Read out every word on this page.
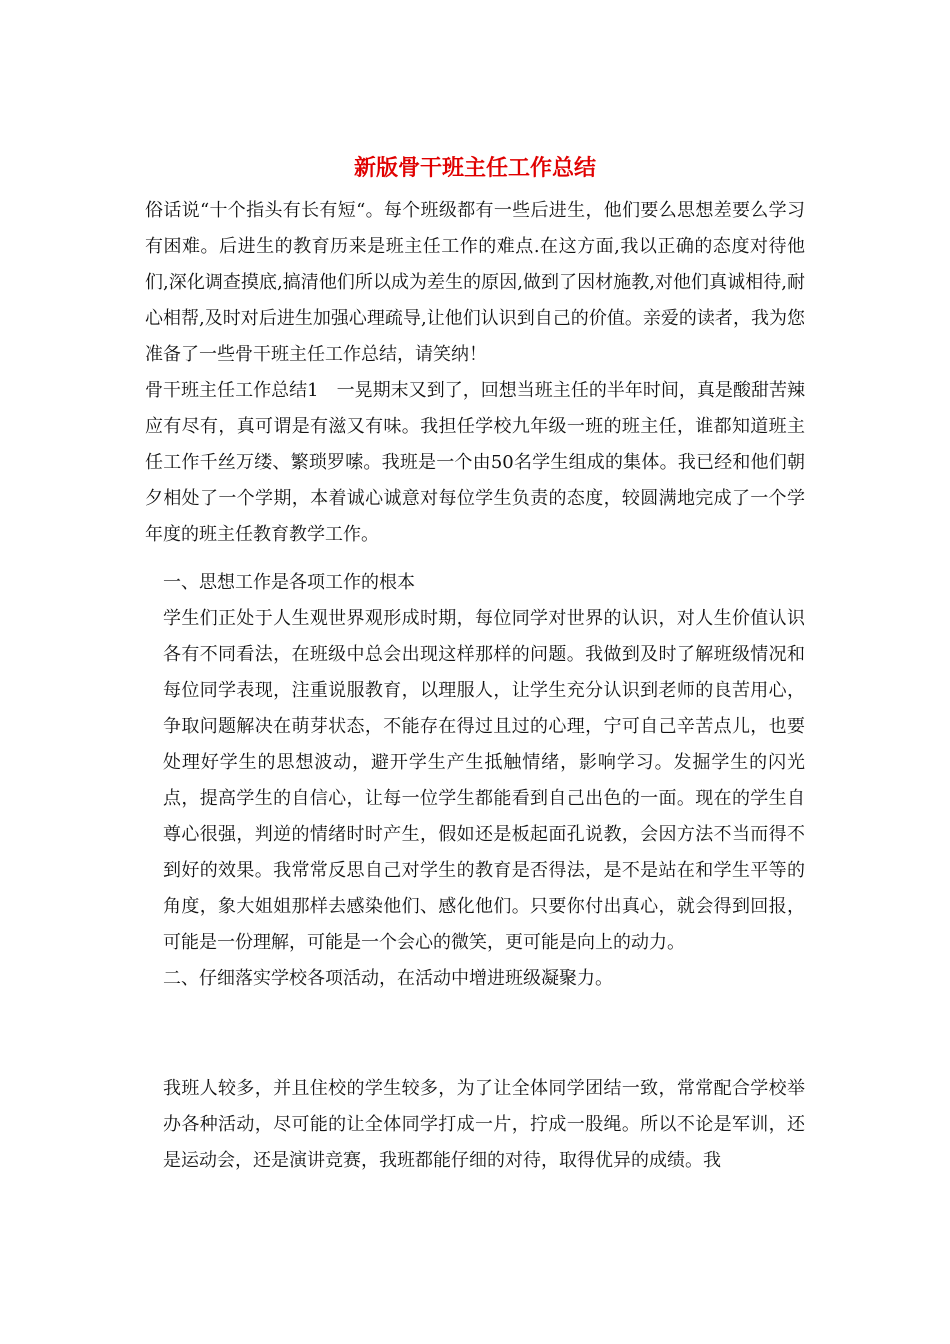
新版骨干班主任工作总结

俗话说“十个指头有长有短“。每个班级都有一些后进生，他们要么思想差要么学习有困难。后进生的教育历来是班主任工作的难点.在这方面,我以正确的态度对待他们,深化调查摸底,搞清他们所以成为差生的原因,做到了因材施教,对他们真诚相待,耐心相帮,及时对后进生加强心理疏导,让他们认识到自己的价值。亲爱的读者，我为您准备了一些骨干班主任工作总结，请笑纳！

骨干班主任工作总结1　一晃期末又到了，回想当班主任的半年时间，真是酸甜苦辣应有尽有，真可谓是有滋又有味。我担任学校九年级一班的班主任，谁都知道班主任工作千丝万缕、繁琐罗嗦。我班是一个由50名学生组成的集体。我已经和他们朝夕相处了一个学期，本着诚心诚意对每位学生负责的态度，较圆满地完成了一个学年度的班主任教育教学工作。

一、思想工作是各项工作的根本

学生们正处于人生观世界观形成时期，每位同学对世界的认识，对人生价值认识各有不同看法，在班级中总会出现这样那样的问题。我做到及时了解班级情况和每位同学表现，注重说服教育，以理服人，让学生充分认识到老师的良苦用心，争取问题解决在萌芽状态，不能存在得过且过的心理，宁可自己辛苦点儿，也要处理好学生的思想波动，避开学生产生抵触情绪，影响学习。发掘学生的闪光点，提高学生的自信心，让每一位学生都能看到自己出色的一面。现在的学生自尊心很强，判逆的情绪时时产生，假如还是板起面孔说教，会因方法不当而得不到好的效果。我常常反思自己对学生的教育是否得法，是不是站在和学生平等的角度，象大姐姐那样去感染他们、感化他们。只要你付出真心，就会得到回报，可能是一份理解，可能是一个会心的微笑，更可能是向上的动力。

二、仔细落实学校各项活动，在活动中增进班级凝聚力。

我班人较多，并且住校的学生较多，为了让全体同学团结一致，常常配合学校举办各种活动，尽可能的让全体同学打成一片，拧成一股绳。所以不论是军训，还是运动会，还是演讲竞赛，我班都能仔细的对待，取得优异的成绩。我
